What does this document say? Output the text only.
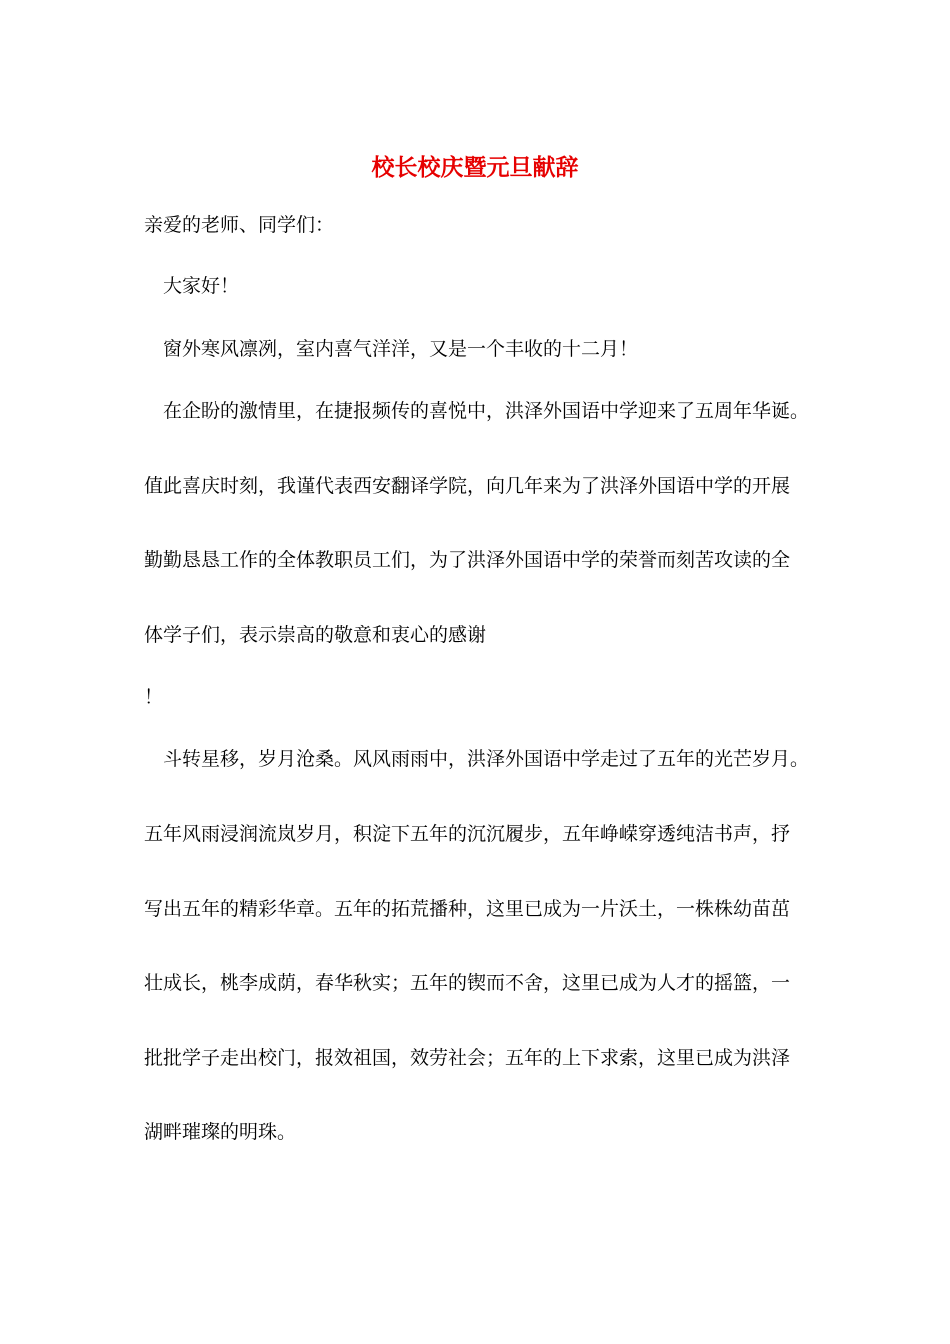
校长校庆暨元旦献辞
亲爱的老师、同学们：
大家好！
窗外寒风凛冽，室内喜气洋洋，又是一个丰收的十二月！
在企盼的激情里，在捷报频传的喜悦中，洪泽外国语中学迎来了五周年华诞。
值此喜庆时刻，我谨代表西安翻译学院，向几年来为了洪泽外国语中学的开展
勤勤恳恳工作的全体教职员工们，为了洪泽外国语中学的荣誉而刻苦攻读的全
体学子们，表示崇高的敬意和衷心的感谢
！
斗转星移，岁月沧桑。风风雨雨中，洪泽外国语中学走过了五年的光芒岁月。
五年风雨浸润流岚岁月，积淀下五年的沉沉履步，五年峥嵘穿透纯洁书声，抒
写出五年的精彩华章。五年的拓荒播种，这里已成为一片沃土，一株株幼苗茁
壮成长，桃李成荫，春华秋实；五年的锲而不舍，这里已成为人才的摇篮，一
批批学子走出校门，报效祖国，效劳社会；五年的上下求索，这里已成为洪泽
湖畔璀璨的明珠。
